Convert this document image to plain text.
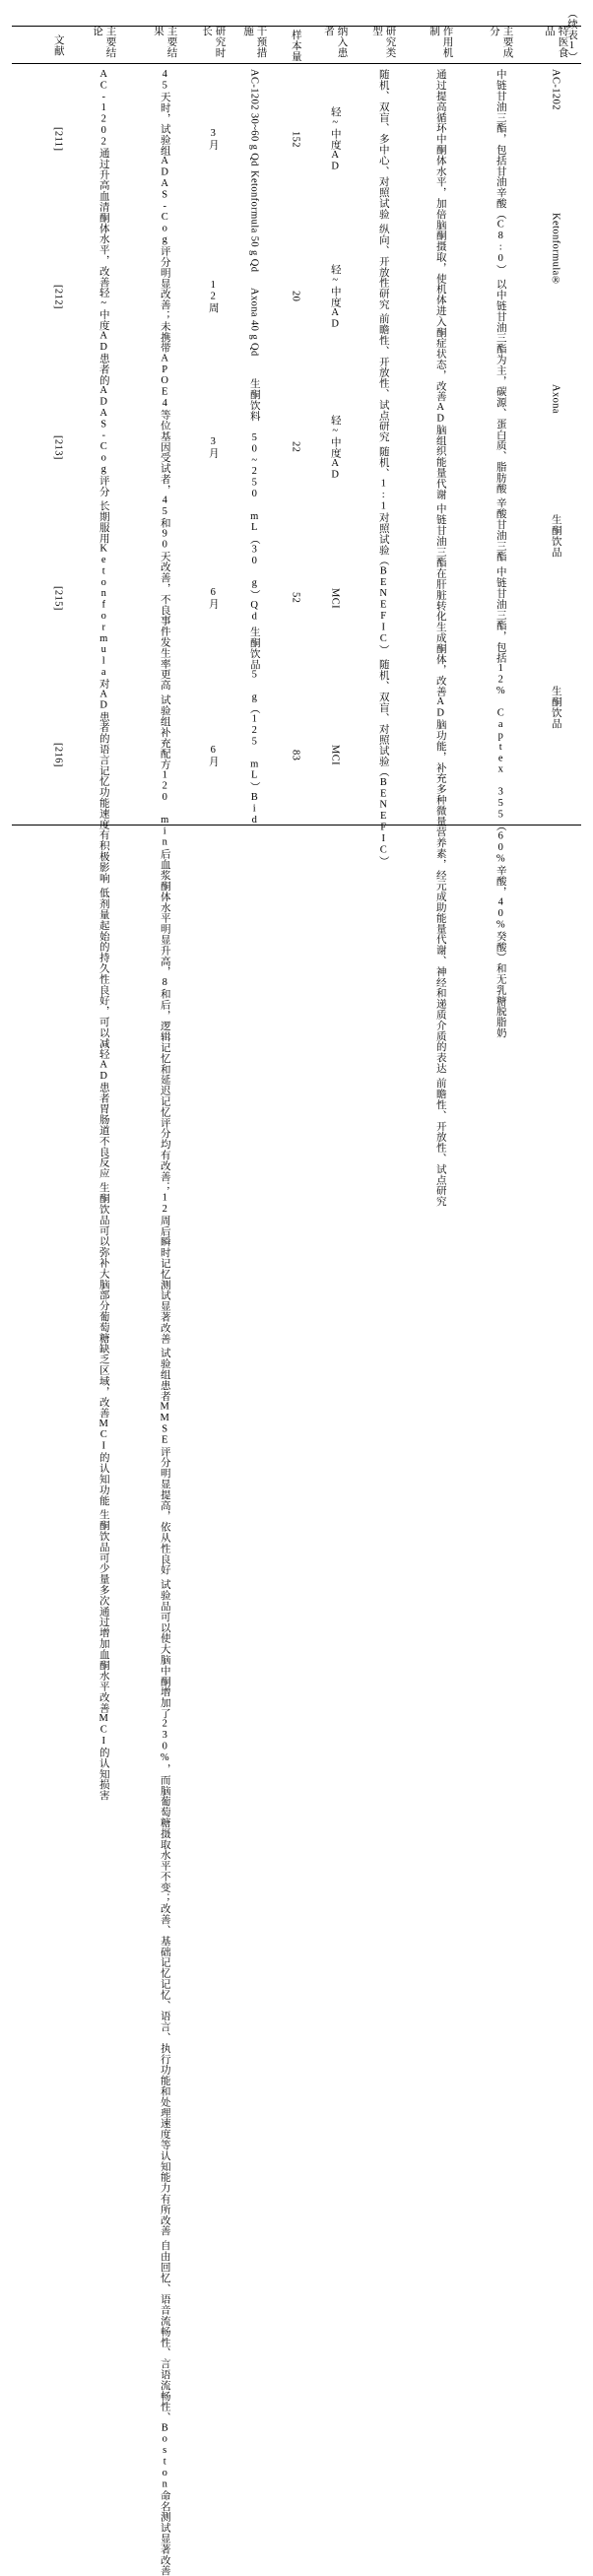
（续表1）
特医食品
AC-1202
Ketonformula®
Axona
生酮饮品
生酮饮品
主要成分
中链甘油三酯，包括甘油辛酸（C8:0）
以中链甘油三酯为主，碳源、蛋白质、脂肪酸
辛酸甘油三酯
中链甘油三酯，包括12% Captex 355（60%辛酸，40%癸酸）和无乳糖脱脂奶
作用机制
通过提高循环中酮体水平，加倍脑酮摄取，使机体进入酮症状态，改善AD脑组织能量代谢
中链甘油三酯在肝脏转化生成酮体，改善AD脑功能，补充多种微量营养素，经元成助能量代谢、神经和递质介质的表达
前瞻性、开放性、试点研究
研究类型
随机、双盲、多中心、对照试验
纵向、开放性研究
前瞻性、开放性、试点研究
随机、1:1对照试验（BENEFIC）
随机、双盲、对照试验（BENEFIC）
纳入患者
轻~中度AD
轻~中度AD
轻~中度AD
MCI
MCI
样本量
152
20
22
52
83
干预措施
AC-1202 30~60 g Qd
Ketonformula 50 g Qd
Axona 40 g Qd
生酮饮料 50~250 mL（30 g）Qd
生酮饮品5 g（125 mL）Bid
研究时长
3月
12周
3月
6月
6月
主要结果
45天时，试验组ADAS-Cog评分明显改善；未携带APOE4等位基因受试者，45和90天改善，不良事件发生率更高
试验组补充配方120 min后血浆酮体水平明显升高，8和后，逻辑记忆和延迟记忆评分均有改善；12周后瞬时记忆测试显著改善
试验组患者MMSE评分明显提高，依从性良好
试验品可以使大脑中酮增加了230%，而脑葡萄糖摄取水平不变；改善、基础记忆记忆、语言、执行功能和处理速度等认知能力有所改善
自由回忆、语音流畅性、言语流畅性、Boston命名测试显著改善
主要结论
AC-1202通过升高血清酮体水平，改善轻~中度AD患者的ADAS-Cog评分
长期服用Ketonformula对AD患者的语言记忆功能速度有积极影响
低剂量起始的持久性良好，可以减轻AD患者胃肠道不良反应
生酮饮品可以弥补大脑部分葡萄糖缺乏区域，改善MCI的认知功能
生酮饮品可少量多次通过增加血酮水平改善MCI的认知损害
文献
[211]
[212]
[213]
[215]
[216]
